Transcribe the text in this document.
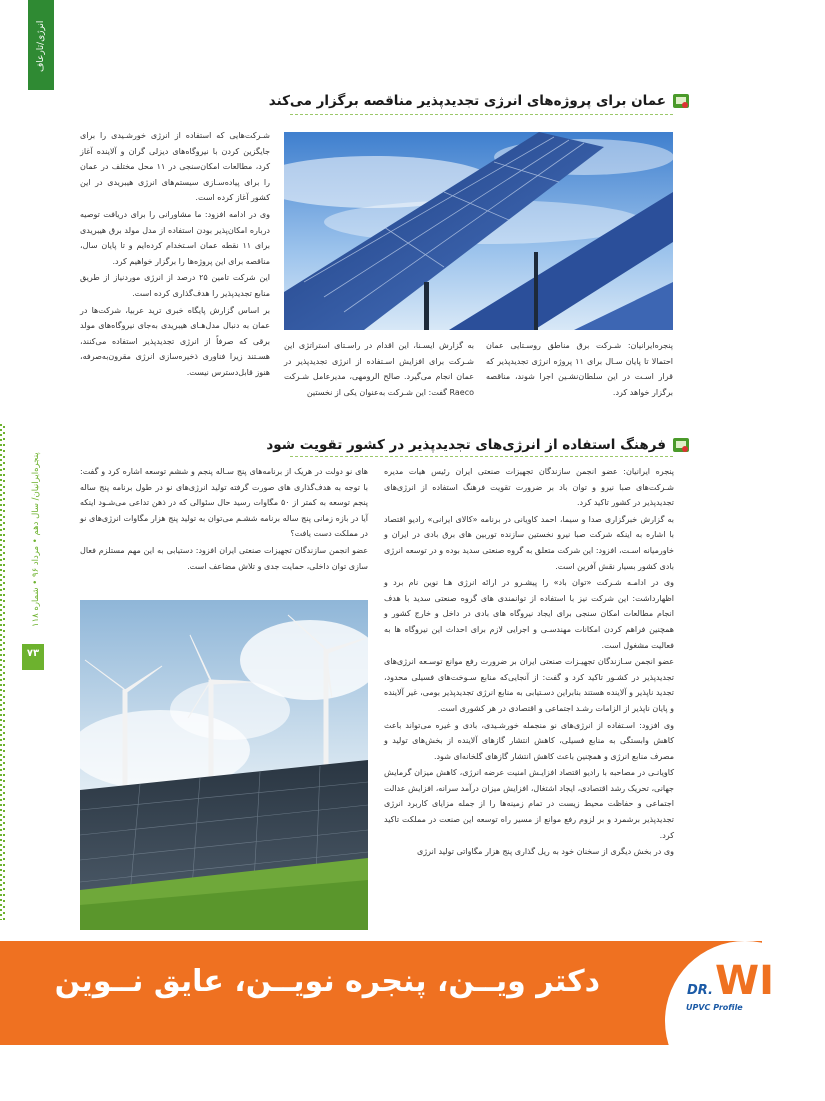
انرژی/تارعاف‌
پنجره‌ایرانیان/ سال دهم • مرداد ۹۶ • شماره ۱۱۸
۷۳
عمان برای پروژه‌های انرژی تجدیدپذیر مناقصه برگزار می‌کند

پنجره‌ایرانیان: شـرکت برق مناطق روسـتایی عمان احتمالا تا پایان سـال برای ۱۱ پروژه انرژی تجدیدپذیر که قرار اسـت در این سلطان‌نشـین اجرا شوند، مناقصه برگزار خواهد کرد.

به گزارش ایسـنا، این اقدام در راسـتای استراتژی این شـرکت برای افزایش اسـتفاده از انرژی تجدیدپذیر در عمان انجام می‌گیرد. صالح الرومهی، مدیرعامل شـرکت Raeco گفت: این شـرکت به‌عنوان یکی از نخستین

شـرکت‌هایی که استفاده از انرژی خورشـیدی را برای جایگزین کردن با نیروگاه‌های دیزلی گران و آلاینده آغاز کرد، مطالعات امکان‌سنجی در ۱۱ محل مختلف در عمان را برای پیاده‌سـازی سیستم‌های انرژی هیبریدی در این کشور آغاز کرده است.

وی در ادامه افزود: ما مشاورانی را برای دریافت توصیه درباره امکان‌پذیر بودن استفاده از مدل مولد برق هیبریدی برای ۱۱ نقطه عمان اسـتخدام کرده‌ایم و تا پایان سال، مناقصه برای این پروژه‌ها را برگزار خواهیم کرد.

این شرکت تامین ۲۵ درصد از انرژی موردنیاز از طریق منابع تجدیدپذیر را هدف‌گذاری کرده است.

بر اساس گزارش پایگاه خبری ترید عربیا، شرکت‌ها در عمان به دنبال مدل‌هـای هیبریدی به‌جای نیروگاه‌های مولد برقی که صرفاً از انرژی تجدیدپذیر استفاده می‌کنند، هسـتند زیرا فناوری ذخیره‌سازی انرژی مقرون‌به‌صرفه، هنوز قابل‌دسترس نیست.

فرهنگ استفاده از انرژی‌های تجدیدپذیر در کشور تقویت شود

پنجره ایرانیان: عضو انجمن سازندگان تجهیزات صنعتی ایران رئیس هیات مدیره شـرکت‌های صبا نیرو و توان باد بر ضرورت تقویت فرهنگ استفاده از انرژی‌های تجدیدپذیر در کشور تاکید کرد.

به گزارش خبرگزاری صدا و سیما، احمد کاویانی در برنامه «کالای ایرانی» رادیو اقتصاد با اشاره به اینکه شرکت صبا نیرو نخستین سازنده توربین های برق بادی در ایران و خاورمیانه اسـت، افزود: این شرکت متعلق به گروه صنعتی سدید بوده و در توسعه انرژی بادی کشور بسیار نقش آفرین است.

وی در ادامـه شـرکت «توان باد» را پیشـرو در ارائه انرژی هـا نوین نام برد و اظهارداشت: این شرکت نیز با استفاده از توانمندی های گروه صنعتی سدید با هدف انجام مطالعات امکان سنجی برای ایجاد نیروگاه های بادی در داخل و خارج کشور و همچنین فراهم کردن امکانات مهندسـی و اجرایی لازم برای احداث این نیروگاه ها به فعالیت مشغول است.

عضو انجمن سـازندگان تجهیـزات صنعتی ایران بر ضرورت رفع موانع توسـعه انرژی‌های تجدیدپذیر در کشـور تاکید کرد و گفت: از آنجایی‌که منابع سـوخت‌های فسیلی محدود، تجدید ناپذیر و آلاینده هستند بنابراین دسـتیابی به منابع انرژی تجدیدپذیر بومی، غیر آلاینده و پایان ناپذیر از الزامات رشـد اجتماعی و اقتصادی در هر کشوری است.

وی افزود: اسـتفاده از انرژی‌های نو منجمله خورشـیدی، بادی و غیره می‌تواند باعث کاهش وابستگی به منابع فسیلی، کاهش انتشار گازهای آلاینده از بخش‌های تولید و مصرف منابع انرژی و همچنین باعث کاهش انتشار گازهای گلخانه‌ای شود.

کاویانـی در مصاحبه با رادیو اقتصاد افزایـش امنیت عرضه انرژی، کاهش میزان گرمایش جهانی، تحریک رشد اقتصادی، ایجاد اشتغال، افزایش میزان درآمد سرانه، افزایش عدالت اجتماعی و حفاظت محیط زیست در تمام زمینه‌ها را از جمله مزایای کاربرد انرژی تجدیدپذیر برشمرد و بر لزوم رفع موانع از مسیر راه توسعه این صنعت در مملکت تاکید کرد.

وی در بخش دیگری از سخنان خود به ریل گذاری پنج هزار مگاواتی تولید انرژی

های نو دولت در هریک از برنامه‌های پنج سـاله پنجم و ششم توسعه اشاره کرد و گفت: با توجه به هدف‌گذاری های صورت گرفته تولید انرژی‌های نو در طول برنامه پنج ساله پنجم توسعه به کمتر از ۵۰ مگاوات رسید حال سئوالی که در ذهن تداعی می‌شـود اینکه آیا در بازه زمانی پنج ساله برنامه ششـم می‌توان به تولید پنج هزار مگاوات انرژی‌های نو در مملکت دست یافت؟

عضو انجمن سازندگان تجهیزات صنعتی ایران افزود: دستیابی به این مهم مستلزم فعال سازی توان داخلی، حمایت جدی و تلاش مضاعف است.

دکتر ویــن، پنجره نویــن، عایق نــوین	WI
DR.
UPVC Profile
